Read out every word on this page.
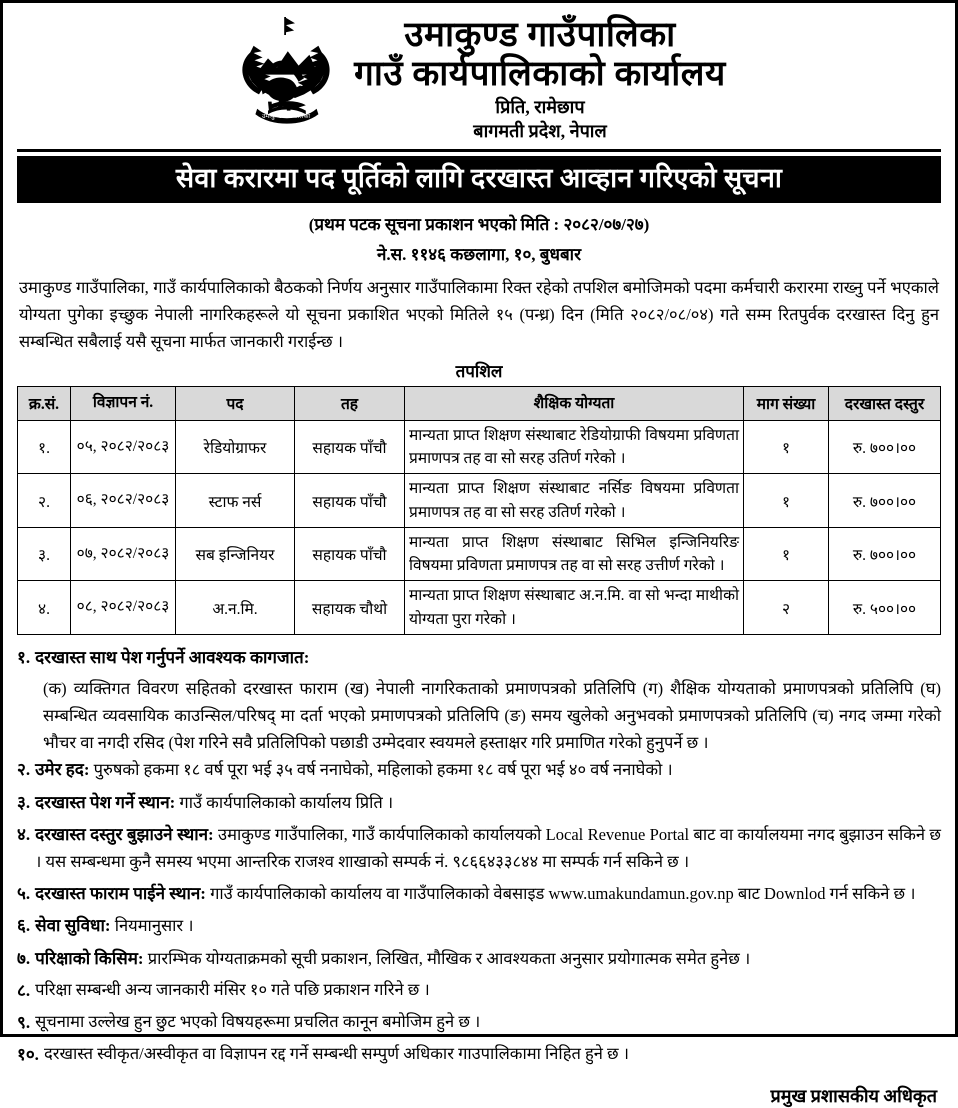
उमाकुण्ड गाउँपालिका
उमाकुण्ड गाउँपालिका
गाउँ कार्यपालिकाको कार्यालय
प्रिति, रामेछाप
बागमती प्रदेश, नेपाल
सेवा करारमा पद पूर्तिको लागि दरखास्त आव्हान गरिएको सूचना
(प्रथम पटक सूचना प्रकाशन भएको मिति : २०८२/०७/२७)
ने.स. ११४६ कछलागा, १०, बुधबार
उमाकुण्ड गाउँपालिका, गाउँ कार्यपालिकाको बैठकको निर्णय अनुसार गाउँपालिकामा रिक्त रहेको तपशिल बमोजिमको पदमा कर्मचारी करारमा राख्नु पर्ने भएकाले योग्यता पुगेका इच्छुक नेपाली नागरिकहरूले यो सूचना प्रकाशित भएको मितिले १५ (पन्ध्र) दिन (मिति २०८२/०८/०४) गते सम्म रितपुर्वक दरखास्त दिनु हुन सम्बन्धित सबैलाई यसै सूचना मार्फत जानकारी गराईन्छ ।
तपशिल
क्र.सं.	विज्ञापन नं.	पद	तह	शैक्षिक योग्यता	माग संख्या	दरखास्त दस्तुर
१.	०५, २०८२/२०८३	रेडियोग्राफर	सहायक पाँचौ	मान्यता प्राप्त शिक्षण संस्थाबाट रेडियोग्राफी विषयमा प्रविणता प्रमाणपत्र तह वा सो सरह उतिर्ण गरेको ।	१	रु. ७००।००
२.	०६, २०८२/२०८३	स्टाफ नर्स	सहायक पाँचौ	मान्यता प्राप्त शिक्षण संस्थाबाट नर्सिङ विषयमा प्रविणता प्रमाणपत्र तह वा सो सरह उतिर्ण गरेको ।	१	रु. ७००।००
३.	०७, २०८२/२०८३	सब इन्जिनियर	सहायक पाँचौ	मान्यता प्राप्त शिक्षण संस्थाबाट सिभिल इन्जिनियरिङ विषयमा प्रविणता प्रमाणपत्र तह वा सो सरह उत्तीर्ण गरेको ।	१	रु. ७००।००
४.	०८, २०८२/२०८३	अ.न.मि.	सहायक चौथो	मान्यता प्राप्त शिक्षण संस्थाबाट अ.न.मि. वा सो भन्दा माथीको योग्यता पुरा गरेको ।	२	रु. ५००।००
१. दरखास्त साथ पेश गर्नुपर्ने आवश्यक कागजात:
(क) व्यक्तिगत विवरण सहितको दरखास्त फाराम (ख) नेपाली नागरिकताको प्रमाणपत्रको प्रतिलिपि (ग) शैक्षिक योग्यताको प्रमाणपत्रको प्रतिलिपि (घ) सम्बन्धित व्यवसायिक काउन्सिल/परिषद् मा दर्ता भएको प्रमाणपत्रको प्रतिलिपि (ङ) समय खुलेको अनुभवको प्रमाणपत्रको प्रतिलिपि (च) नगद जम्मा गरेको भौचर वा नगदी रसिद (पेश गरिने सवै प्रतिलिपिको पछाडी उम्मेदवार स्वयमले हस्ताक्षर गरि प्रमाणित गरेको हुनुपर्ने छ ।
२. उमेर हद: पुरुषको हकमा १८ वर्ष पूरा भई ३५ वर्ष ननाघेको, महिलाको हकमा १८ वर्ष पूरा भई ४० वर्ष ननाघेको ।
३. दरखास्त पेश गर्ने स्थान: गाउँ कार्यपालिकाको कार्यालय प्रिति ।
४. दरखास्त दस्तुर बुझाउने स्थान: उमाकुण्ड गाउँपालिका, गाउँ कार्यपालिकाको कार्यालयको Local Revenue Portal बाट वा कार्यालयमा नगद बुझाउन सकिने छ । यस सम्बन्धमा कुनै समस्य भएमा आन्तरिक राजश्व शाखाको सम्पर्क नं. ९८६६४३३८४४ मा सम्पर्क गर्न सकिने छ ।
५. दरखास्त फाराम पाईने स्थान: गाउँ कार्यपालिकाको कार्यालय वा गाउँपालिकाको वेबसाइड www.umakundamun.gov.np बाट Downlod गर्न सकिने छ ।
६. सेवा सुविधा: नियमानुसार ।
७. परिक्षाको किसिम: प्रारम्भिक योग्यताक्रमको सूची प्रकाशन, लिखित, मौखिक र आवश्यकता अनुसार प्रयोगात्मक समेत हुनेछ ।
८. परिक्षा सम्बन्धी अन्य जानकारी मंसिर १० गते पछि प्रकाशन गरिने छ ।
९. सूचनामा उल्लेख हुन छुट भएको विषयहरूमा प्रचलित कानून बमोजिम हुने छ ।
१०. दरखास्त स्वीकृत/अस्वीकृत वा विज्ञापन रद्द गर्ने सम्बन्धी सम्पुर्ण अधिकार गाउपालिकामा निहित हुने छ ।
प्रमुख प्रशासकीय अधिकृत
